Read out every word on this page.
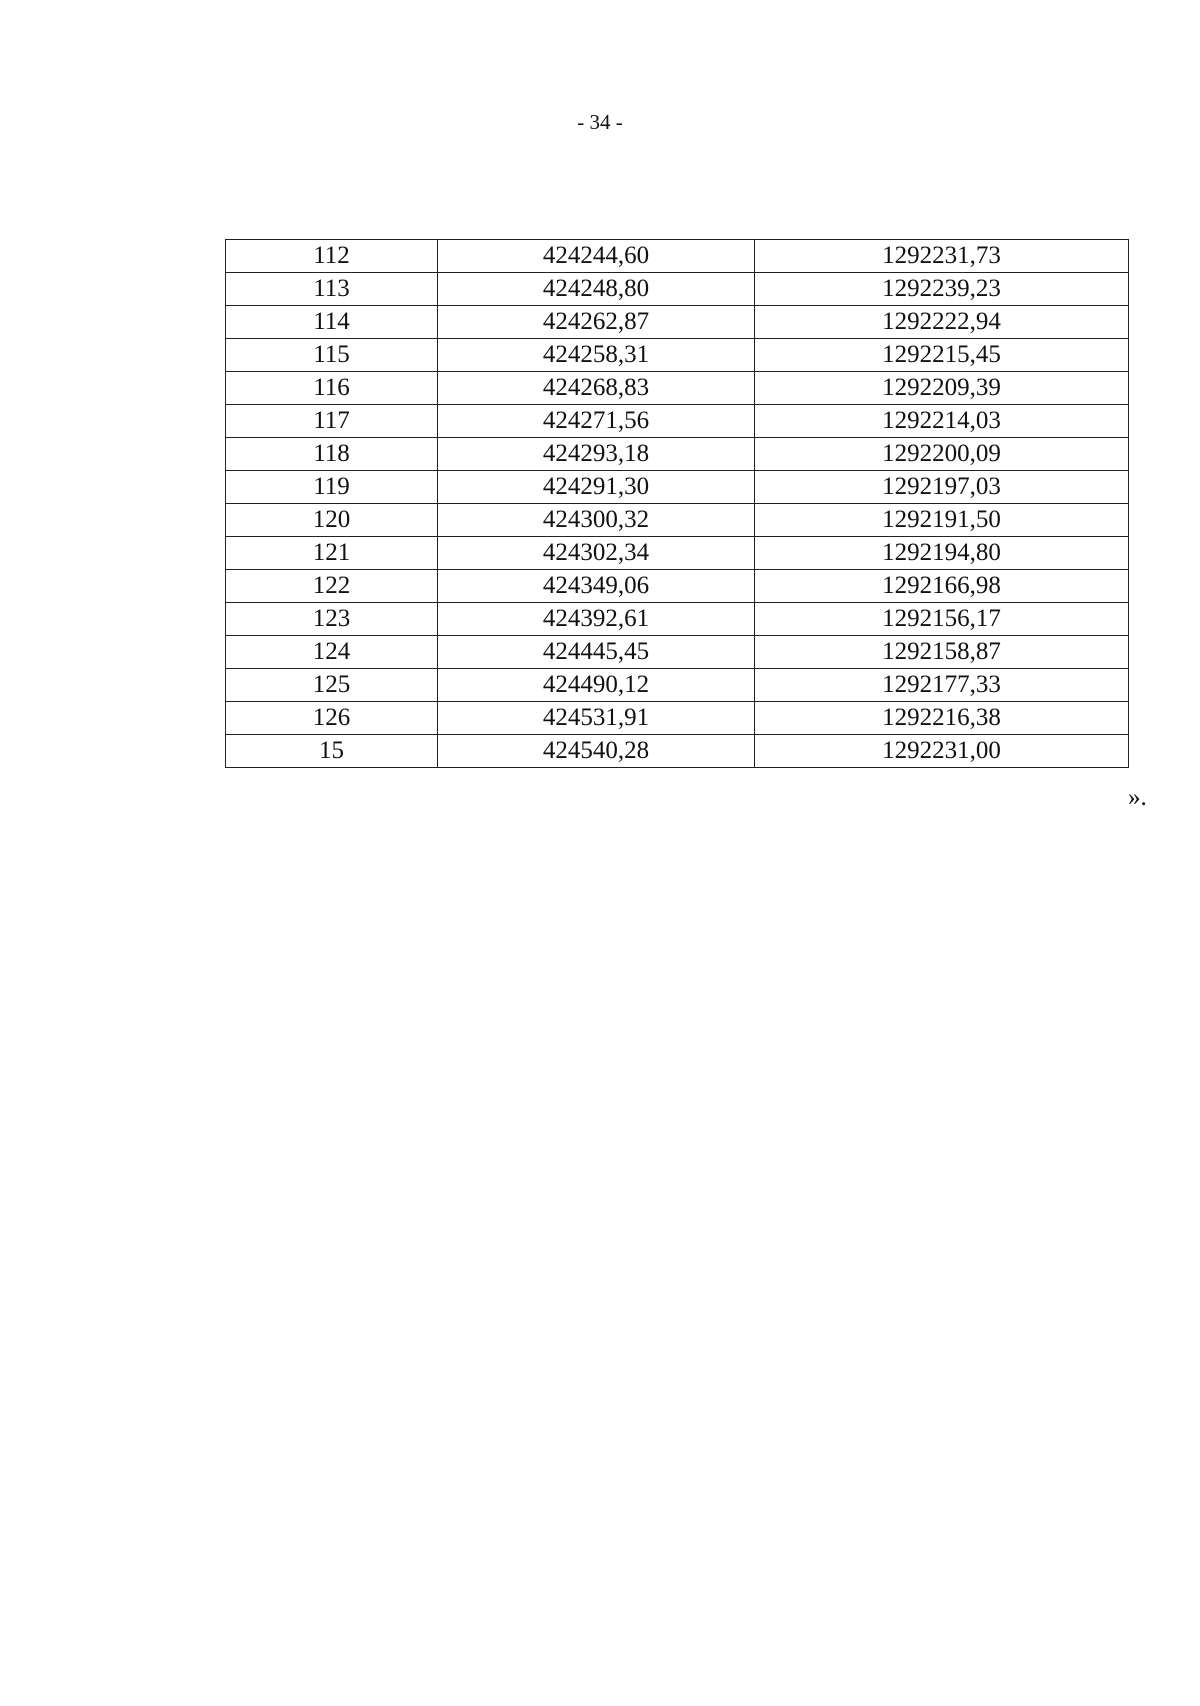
- 34 -
112	424244,60	1292231,73
113	424248,80	1292239,23
114	424262,87	1292222,94
115	424258,31	1292215,45
116	424268,83	1292209,39
117	424271,56	1292214,03
118	424293,18	1292200,09
119	424291,30	1292197,03
120	424300,32	1292191,50
121	424302,34	1292194,80
122	424349,06	1292166,98
123	424392,61	1292156,17
124	424445,45	1292158,87
125	424490,12	1292177,33
126	424531,91	1292216,38
15	424540,28	1292231,00
».
